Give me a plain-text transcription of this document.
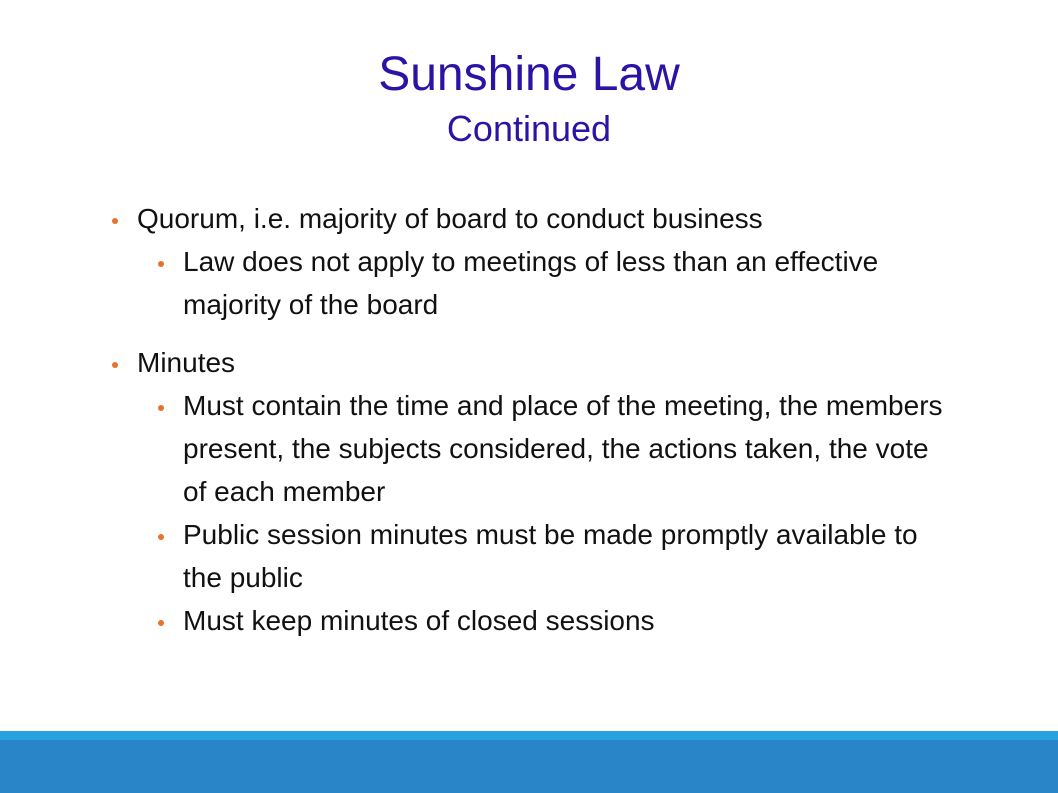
Sunshine Law
Continued
Quorum, i.e. majority of board to conduct business
Law does not apply to meetings of less than an effective majority of the board
Minutes
Must contain the time and place of the meeting, the members present, the subjects considered, the actions taken, the vote of each member
Public session minutes must be made promptly available to the public
Must keep minutes of closed sessions
